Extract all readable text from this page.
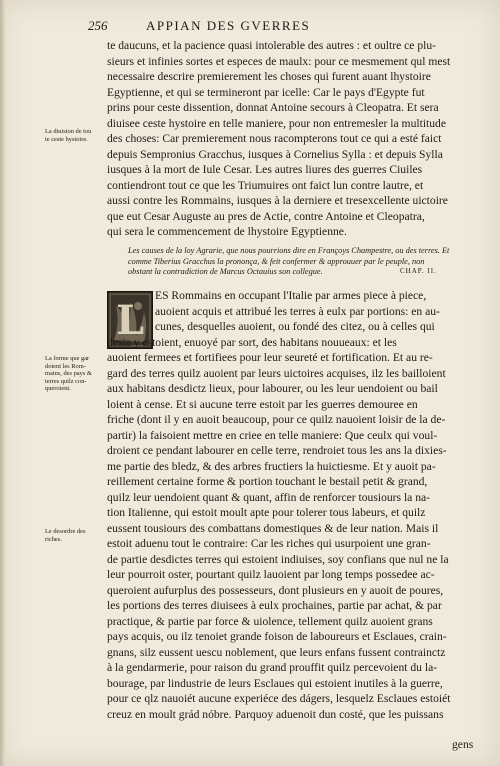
256	APPIAN DES GVERRES
te daucuns, et la pacience quasi intolerable des autres : et oultre ce plu-
sieurs et infinies sortes et especes de maulx: pour ce mesmement qul mest
necessaire descrire premierement les choses qui furent auant lhystoire
Egyptienne, et qui se termineront par icelle: Car le pays d'Egypte fut
prins pour ceste dissention, donnat Antoine secours à Cleopatra. Et sera
diuisee ceste hystoire en telle maniere, pour non entremesler la multitude
des choses: Car premierement nous racompterons tout ce qui a esté faict
depuis Sempronius Gracchus, iusques à Cornelius Sylla : et depuis Sylla
iusques à la mort de Iule Cesar. Les autres liures des guerres Ciuiles
contiendront tout ce que les Triumuires ont faict lun contre lautre, et
aussi contre les Rommains, iusques à la derniere et tresexcellente uictoire
que eut Cesar Auguste au pres de Actie, contre Antoine et Cleopatra,
qui sera le commencement de lhystoire Egyptienne.
La diuision de tou
te ceste hystoire.
Les causes de la loy Agrarie, que nous pourrions dire en Françoys Champestre, ou des terres. Et
comme Tiberius Gracchus la prononça, & feit confermer & approuuer par le peuple, non
obstant la contradiction de Marcus Octauius son collegue.	CHAP. II.
L
ES Rommains en occupant l'Italie par armes piece à piece,
auoient acquis et attribué les terres à eulx par portions: en au-
cunes, desquelles auoient, ou fondé des citez, ou à celles qui
desia y estoient, enuoyé par sort, des habitans nouueaux: et les
auoient fermees et fortifiees pour leur seureté et fortification. Et au re-
gard des terres quilz auoient par leurs uictoires acquises, ilz les bailloient
aux habitans desdictz lieux, pour labourer, ou les leur uendoient ou bail
loient à cense. Et si aucune terre estoit par les guerres demouree en
friche (dont il y en auoit beaucoup, pour ce quilz nauoient loisir de la de-
partir) la faisoient mettre en criee en telle maniere: Que ceulx qui voul-
droient ce pendant labourer en celle terre, rendroiet tous les ans la dixies-
me partie des bledz, & des arbres fructiers la huictiesme. Et y auoit pa-
reillement certaine forme & portion touchant le bestail petit & grand,
quilz leur uendoient quant & quant, affin de renforcer tousiours la na-
tion Italienne, qui estoit moult apte pour tolerer tous labeurs, et quilz
eussent tousiours des combattans domestiques & de leur nation. Mais il
estoit aduenu tout le contraire: Car les riches qui usurpoient une gran-
de partie desdictes terres qui estoient indiuises, soy confians que nul ne la
leur pourroit oster, pourtant quilz lauoient par long temps possedee ac-
queroient aufurplus des possesseurs, dont plusieurs en y auoit de poures,
les portions des terres diuisees à eulx prochaines, partie par achat, & par
practique, & partie par force & uiolence, tellement quilz auoient grans
pays acquis, ou ilz tenoiet grande foison de laboureurs et Esclaues, crain-
gnans, silz eussent uescu noblement, que leurs enfans fussent contrainctz
à la gendarmerie, pour raison du grand prouffit quilz percevoient du la-
bourage, par lindustrie de leurs Esclaues qui estoient inutiles à la guerre,
pour ce qlz nauoiét aucune experiéce des dágers, lesquelz Esclaues estoiét
creuz en moult grád nóbre. Parquoy aduenoit dun costé, que les puissans
La forme que gar
doient les Rom-
mains, des pays &
terres quilz con-
queroient.
Le desordre des
riches.
gens
